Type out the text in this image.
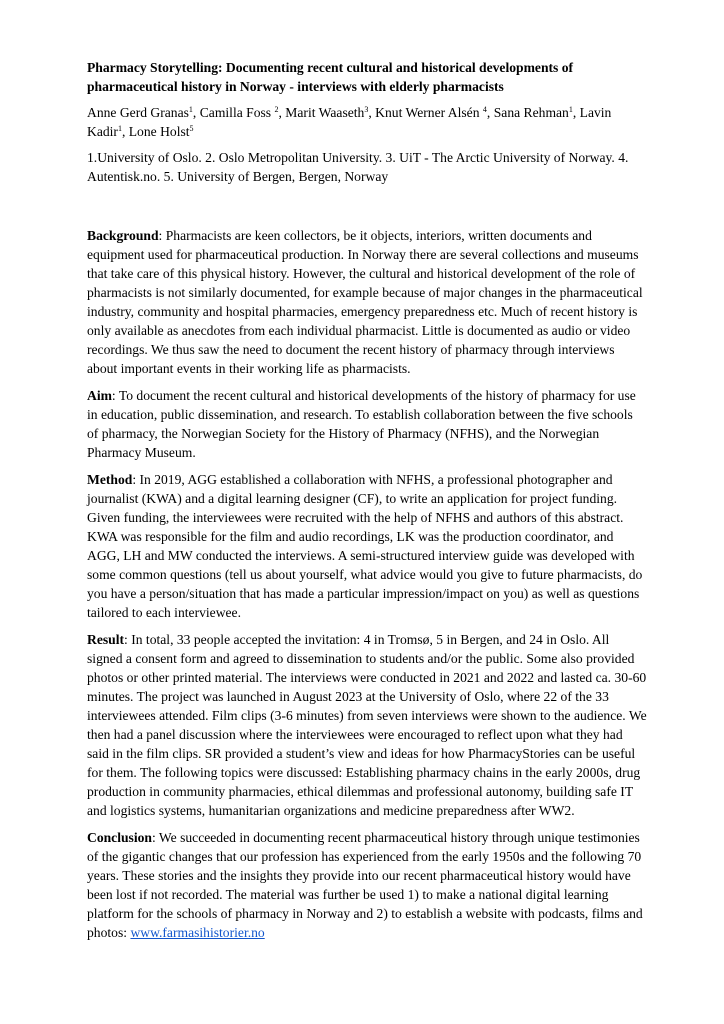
Pharmacy Storytelling: Documenting recent cultural and historical developments of pharmaceutical history in Norway - interviews with elderly pharmacists
Anne Gerd Granas$^1$, Camilla Foss $^2$, Marit Waaseth$^3$, Knut Werner Alsén $^4$, Sana Rehman$^1$, Lavin Kadir$^1$, Lone Holst$^5$
1.University of Oslo. 2. Oslo Metropolitan University. 3. UiT - The Arctic University of Norway. 4. Autentisk.no. 5. University of Bergen, Bergen, Norway

Background: Pharmacists are keen collectors, be it objects, interiors, written documents and equipment used for pharmaceutical production. In Norway there are several collections and museums that take care of this physical history. However, the cultural and historical development of the role of pharmacists is not similarly documented, for example because of major changes in the pharmaceutical industry, community and hospital pharmacies, emergency preparedness etc. Much of recent history is only available as anecdotes from each individual pharmacist. Little is documented as audio or video recordings. We thus saw the need to document the recent history of pharmacy through interviews about important events in their working life as pharmacists.

Aim: To document the recent cultural and historical developments of the history of pharmacy for use in education, public dissemination, and research. To establish collaboration between the five schools of pharmacy, the Norwegian Society for the History of Pharmacy (NFHS), and the Norwegian Pharmacy Museum.

Method: In 2019, AGG established a collaboration with NFHS, a professional photographer and journalist (KWA) and a digital learning designer (CF), to write an application for project funding. Given funding, the interviewees were recruited with the help of NFHS and authors of this abstract. KWA was responsible for the film and audio recordings, LK was the production coordinator, and AGG, LH and MW conducted the interviews. A semi-structured interview guide was developed with some common questions (tell us about yourself, what advice would you give to future pharmacists, do you have a person/situation that has made a particular impression/impact on you) as well as questions tailored to each interviewee.

Result: In total, 33 people accepted the invitation: 4 in Tromsø, 5 in Bergen, and 24 in Oslo. All signed a consent form and agreed to dissemination to students and/or the public. Some also provided photos or other printed material. The interviews were conducted in 2021 and 2022 and lasted ca. 30-60 minutes. The project was launched in August 2023 at the University of Oslo, where 22 of the 33 interviewees attended. Film clips (3-6 minutes) from seven interviews were shown to the audience. We then had a panel discussion where the interviewees were encouraged to reflect upon what they had said in the film clips. SR provided a student’s view and ideas for how PharmacyStories can be useful for them. The following topics were discussed: Establishing pharmacy chains in the early 2000s, drug production in community pharmacies, ethical dilemmas and professional autonomy, building safe IT and logistics systems, humanitarian organizations and medicine preparedness after WW2.

Conclusion: We succeeded in documenting recent pharmaceutical history through unique testimonies of the gigantic changes that our profession has experienced from the early 1950s and the following 70 years. These stories and the insights they provide into our recent pharmaceutical history would have been lost if not recorded. The material was further be used 1) to make a national digital learning platform for the schools of pharmacy in Norway and 2) to establish a website with podcasts, films and photos: www.farmasihistorier.no
